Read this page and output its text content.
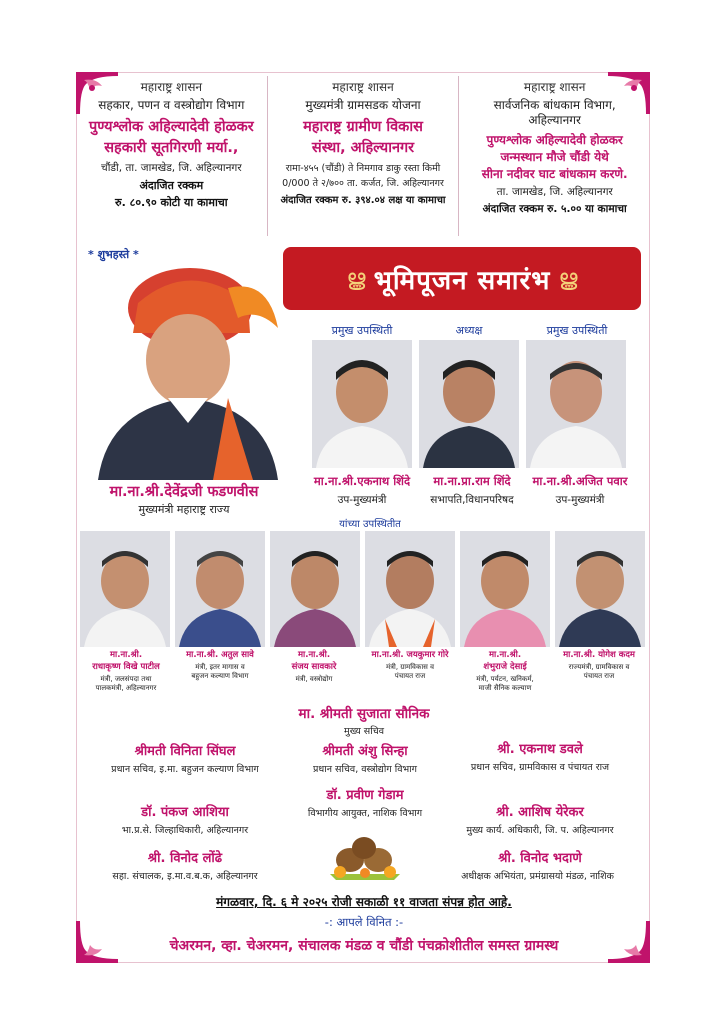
महाराष्ट्र शासन
सहकार, पणन व वस्त्रोद्योग विभाग
पुण्यश्लोक अहिल्यादेवी होळकर
सहकारी सूतगिरणी मर्या.,
चौंडी, ता. जामखेड, जि. अहिल्यानगर
अंदाजित रक्कम
रु. ८०.९० कोटी या कामाचा
महाराष्ट्र शासन
मुख्यमंत्री ग्रामसडक योजना
महाराष्ट्र ग्रामीण विकास
संस्था, अहिल्यानगर
रामा-४५५ (चौंडी) ते निमगाव डाकु रस्ता किमी
0/000 ते २/७०० ता. कर्जत, जि. अहिल्यानगर
अंदाजित रक्कम रु. ३९४.०४ लक्ष या कामाचा
महाराष्ट्र शासन
सार्वजनिक बांधकाम विभाग,
अहिल्यानगर
पुण्यश्लोक अहिल्यादेवी होळकर
जन्मस्थान मौजे चौंडी येथे
सीना नदीवर घाट बांधकाम करणे.
ता. जामखेड, जि. अहिल्यानगर
अंदाजित रक्कम रु. ५.०० या कामाचा
* शुभहस्ते *
मा.ना.श्री.देवेंद्रजी फडणवीस
मुख्यमंत्री महाराष्ट्र राज्य
ൠ भूमिपूजन समारंभ ൠ
प्रमुख उपस्थिती	अध्यक्ष	प्रमुख उपस्थिती
मा.ना.श्री.एकनाथ शिंदे	मा.ना.प्रा.राम शिंदे	मा.ना.श्री.अजित पवार
उप-मुख्यमंत्री	सभापति,विधानपरिषद	उप-मुख्यमंत्री
यांच्या उपस्थितीत
मा.ना.श्री.
राधाकृष्ण विखे पाटील
मंत्री, जलसंपदा तथा
पालकमंत्री, अहिल्यानगर
मा.ना.श्री. अतुल सावे
मंत्री, इतर मागास व
बहुजन कल्याण विभाग
मा.ना.श्री.
संजय सावकारे
मंत्री, वस्त्रोद्योग
मा.ना.श्री. जयकुमार गोरे
मंत्री, ग्रामविकास व
पंचायत राज
मा.ना.श्री.
शंभुराजे देसाई
मंत्री, पर्यटन, खनिकर्म,
माजी सैनिक कल्याण
मा.ना.श्री. योगेश कदम
राज्यमंत्री, ग्रामविकास व
पंचायत राज
मा. श्रीमती सुजाता सौनिक
मुख्य सचिव
श्रीमती विनिता सिंघल
प्रधान सचिव, इ.मा. बहुजन कल्याण विभाग
श्रीमती अंशु सिन्हा
प्रधान सचिव, वस्त्रोद्योग विभाग
श्री. एकनाथ डवले
प्रधान सचिव, ग्रामविकास व पंचायत राज
डॉ. प्रवीण गेडाम
विभागीय आयुक्त, नाशिक विभाग
डॉ. पंकज आशिया
भा.प्र.से. जिल्हाधिकारी, अहिल्यानगर
श्री. आशिष येरेकर
मुख्य कार्य. अधिकारी, जि. प. अहिल्यानगर
श्री. विनोद लोंढे
सहा. संचालक, इ.मा.व.ब.क, अहिल्यानगर
श्री. विनोद भदाणे
अधीक्षक अभियंता, प्रमंग्रासयो मंडळ, नाशिक
मंगळवार, दि. ६ मे २०२५ रोजी सकाळी ११ वाजता संपन्न होत आहे.
-: आपले विनित :-
चेअरमन, व्हा. चेअरमन, संचालक मंडळ व चौंडी पंचक्रोशीतील समस्त ग्रामस्थ
